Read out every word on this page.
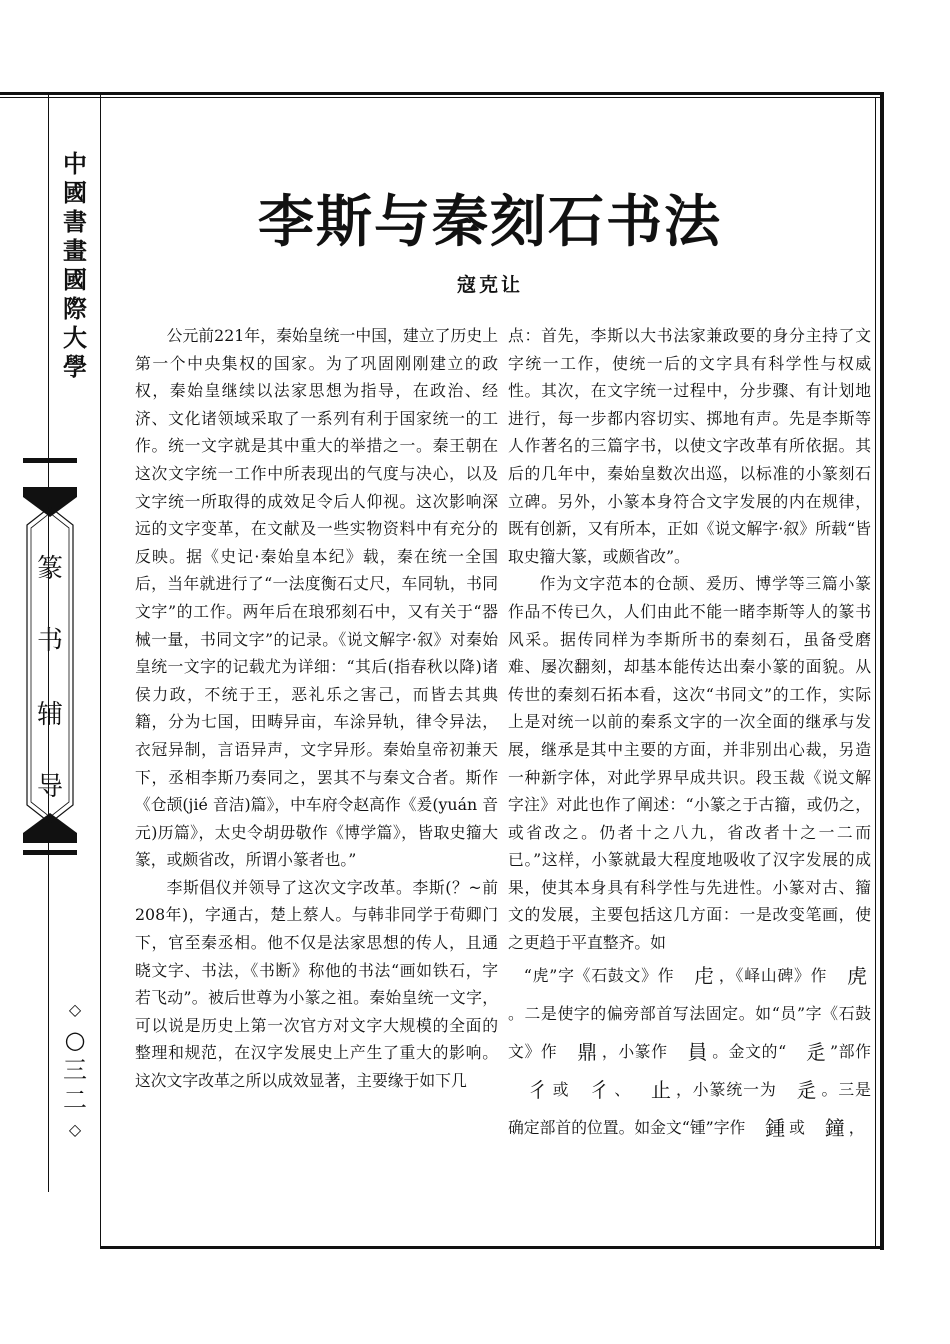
中國書畫國際大學
篆
书
辅
导
◇
○
三
二
◇
李斯与秦刻石书法
寇克让

公元前221年，秦始皇统一中国，建立了历史上第一个中央集权的国家。为了巩固刚刚建立的政权，秦始皇继续以法家思想为指导，在政治、经济、文化诸领域采取了一系列有利于国家统一的工作。统一文字就是其中重大的举措之一。秦王朝在这次文字统一工作中所表现出的气度与决心，以及文字统一所取得的成效足令后人仰视。这次影响深远的文字变革，在文献及一些实物资料中有充分的反映。据《史记·秦始皇本纪》载，秦在统一全国后，当年就进行了“一法度衡石丈尺，车同轨，书同文字”的工作。两年后在琅邪刻石中，又有关于“器械一量，书同文字”的记录。《说文解字·叙》对秦始皇统一文字的记载尤为详细：“其后(指春秋以降)诸侯力政，不统于王，恶礼乐之害己，而皆去其典籍，分为七国，田畴异亩，车涂异轨，律令异法，衣冠异制，言语异声，文字异形。秦始皇帝初兼天下，丞相李斯乃奏同之，罢其不与秦文合者。斯作《仓颉(jié 音洁)篇》，中车府令赵高作《爰(yuán 音元)历篇》，太史令胡毋敬作《博学篇》，皆取史籀大篆，或颇省改，所谓小篆者也。”

李斯倡仪并领导了这次文字改革。李斯(？~前208年)，字通古，楚上蔡人。与韩非同学于荀卿门下，官至秦丞相。他不仅是法家思想的传人，且通晓文字、书法，《书断》称他的书法“画如铁石，字若飞动”。被后世尊为小篆之祖。秦始皇统一文字，可以说是历史上第一次官方对文字大规模的全面的整理和规范，在汉字发展史上产生了重大的影响。这次文字改革之所以成效显著，主要缘于如下几

点：首先，李斯以大书法家兼政要的身分主持了文字统一工作，使统一后的文字具有科学性与权威性。其次，在文字统一过程中，分步骤、有计划地进行，每一步都内容切实、掷地有声。先是李斯等人作著名的三篇字书，以使文字改革有所依据。其后的几年中，秦始皇数次出巡，以标准的小篆刻石立碑。另外，小篆本身符合文字发展的内在规律，既有创新，又有所本，正如《说文解字·叙》所载“皆取史籀大篆，或颇省改”。

作为文字范本的仓颉、爰历、博学等三篇小篆作品不传已久，人们由此不能一睹李斯等人的篆书风采。据传同样为李斯所书的秦刻石，虽备受磨难、屡次翻刻，却基本能传达出秦小篆的面貌。从传世的秦刻石拓本看，这次“书同文”的工作，实际上是对统一以前的秦系文字的一次全面的继承与发展，继承是其中主要的方面，并非别出心裁，另造一种新字体，对此学界早成共识。段玉裁《说文解字注》对此也作了阐述：“小篆之于古籀，或仍之，或省改之。仍者十之八九，省改者十之一二而已。”这样，小篆就最大程度地吸收了汉字发展的成果，使其本身具有科学性与先进性。小篆对古、籀文的发展，主要包括这几方面：一是改变笔画，使之更趋于平直整齐。如

“虎”字《石鼓文》作 虍 ，《峄山碑》作 虎。二是使字的偏旁部首写法固定。如“员”字《石鼓文》作 鼎 ，小篆作 員 。金文的“ 辵 ”部作彳 或 彳 、 止 ，小篆统一为 辵 。三是确定部首的位置。如金文“锺”字作 鍾 或 鐘 ，
